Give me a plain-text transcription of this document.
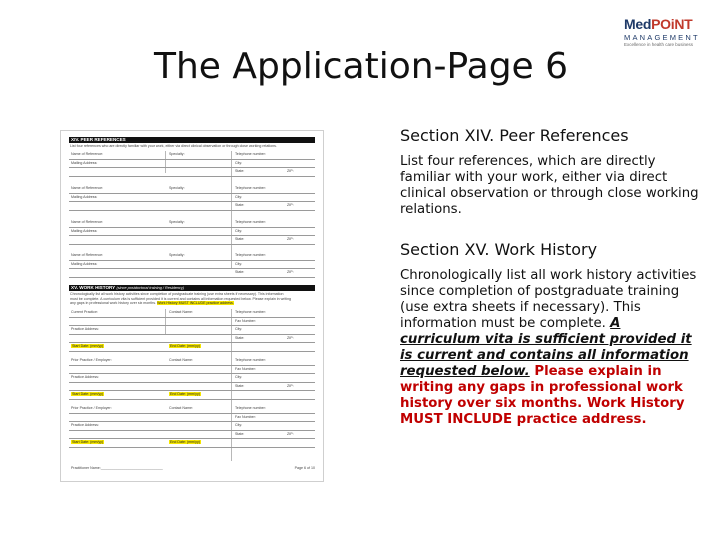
The Application-Page 6
MedPOiNT
MANAGEMENT
Excellence in health care business
XIV. PEER REFERENCES
List four references who are directly familiar with your work, either via direct clinical observation or through close working relations.
Name of Reference:	Specialty:	Telephone number:
Mailing Address:	City:
State:	ZIP:
Name of Reference:	Specialty:	Telephone number:
Mailing Address:	City:
State:	ZIP:
Name of Reference:	Specialty:	Telephone number:
Mailing Address:	City:
State:	ZIP:
Name of Reference:	Specialty:	Telephone number:
Mailing Address:	City:
State:	ZIP:
XV. WORK HISTORY (since postdoctoral training / Residency)
Chronologically list all work history activities since completion of postgraduate training (use extra sheets if necessary). This information
must be complete. A curriculum vita is sufficient provided it is current and contains all information requested below. Please explain in writing
any gaps in professional work history over six months. Work History MUST INCLUDE practice address.
Current Practice:	Contact Name:	Telephone number:
Fax Number:
Practice Address:	City:
State:	ZIP:
Start Date: (mm/yy)	End Date: (mm/yy)
Prior Practice / Employer:	Contact Name:	Telephone number:
Fax Number:
Practice Address:	City:
State:	ZIP:
Start Date: (mm/yy)	End Date: (mm/yy)
Prior Practice / Employer:	Contact Name:	Telephone number:
Fax Number:
Practice Address:	City:
State:	ZIP:
Start Date: (mm/yy)	End Date: (mm/yy)
Practitioner Name:_______________________________	Page 6 of 10

Section XIV. Peer References

List four references, which are directly familiar with your work, either via direct clinical observation or through close working relations.

Section XV. Work History

Chronologically list all work history activities since completion of postgraduate training (use extra sheets if necessary). This information must be complete. A curriculum vita is sufficient provided it is current and contains all information requested below. Please explain in writing any gaps in professional work history over six months. Work History MUST INCLUDE practice address.
